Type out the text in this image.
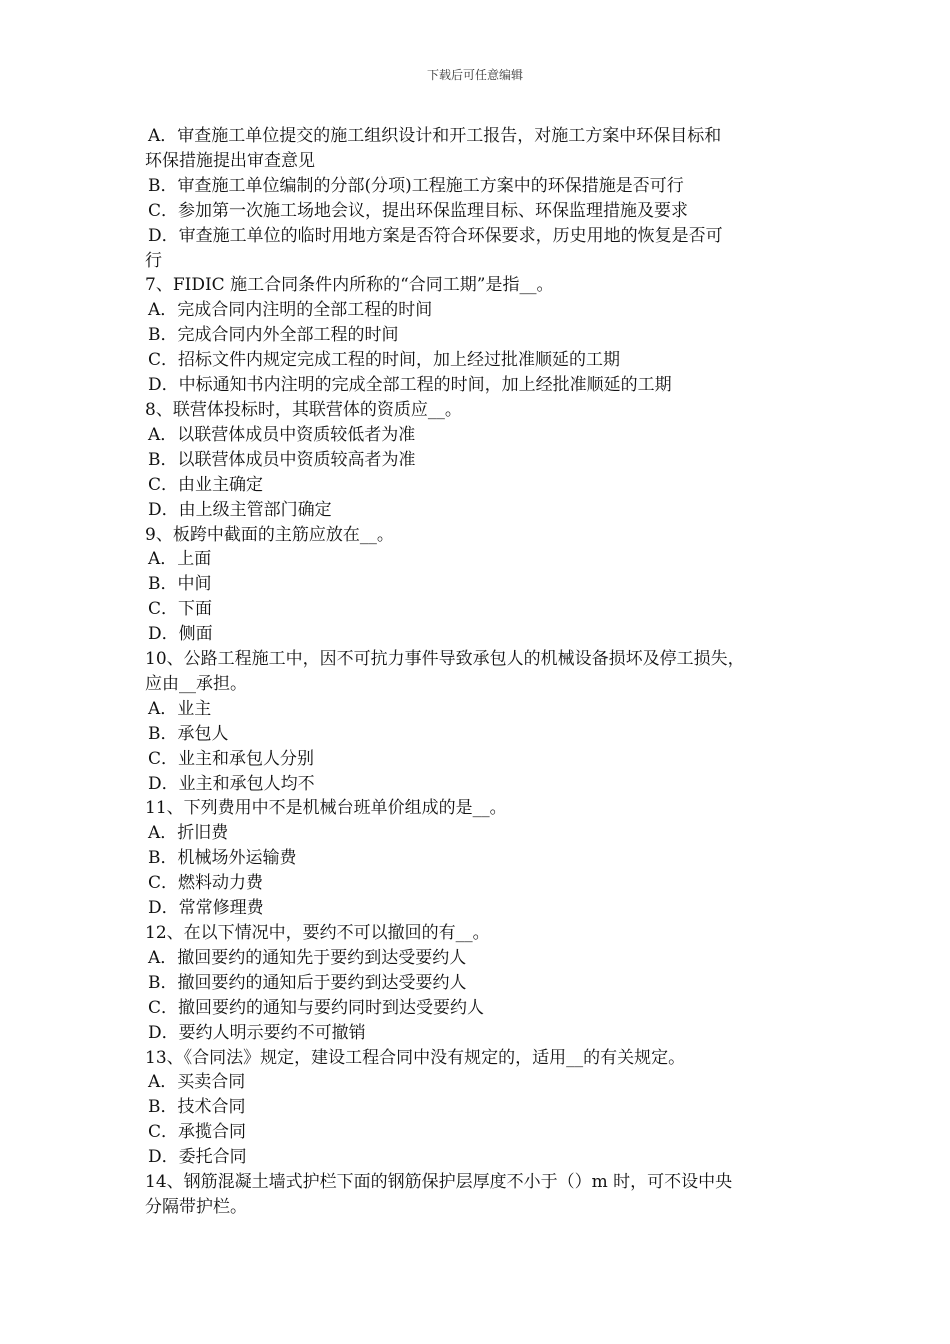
下载后可任意编辑
A．审查施工单位提交的施工组织设计和开工报告，对施工方案中环保目标和
环保措施提出审查意见
B．审查施工单位编制的分部(分项)工程施工方案中的环保措施是否可行
C．参加第一次施工场地会议，提出环保监理目标、环保监理措施及要求
D．审查施工单位的临时用地方案是否符合环保要求，历史用地的恢复是否可
行
7、FIDIC 施工合同条件内所称的“合同工期”是指__。
A．完成合同内注明的全部工程的时间
B．完成合同内外全部工程的时间
C．招标文件内规定完成工程的时间，加上经过批准顺延的工期
D．中标通知书内注明的完成全部工程的时间，加上经批准顺延的工期
8、联营体投标时，其联营体的资质应__。
A．以联营体成员中资质较低者为准
B．以联营体成员中资质较高者为准
C．由业主确定
D．由上级主管部门确定
9、板跨中截面的主筋应放在__。
A．上面
B．中间
C．下面
D．侧面
10、公路工程施工中，因不可抗力事件导致承包人的机械设备损坏及停工损失，
应由__承担。
A．业主
B．承包人
C．业主和承包人分别
D．业主和承包人均不
11、下列费用中不是机械台班单价组成的是__。
A．折旧费
B．机械场外运输费
C．燃料动力费
D．常常修理费
12、在以下情况中，要约不可以撤回的有__。
A．撤回要约的通知先于要约到达受要约人
B．撤回要约的通知后于要约到达受要约人
C．撤回要约的通知与要约同时到达受要约人
D．要约人明示要约不可撤销
13、《合同法》规定，建设工程合同中没有规定的，适用__的有关规定。
A．买卖合同
B．技术合同
C．承揽合同
D．委托合同
14、钢筋混凝土墙式护栏下面的钢筋保护层厚度不小于（）m 时，可不设中央
分隔带护栏。
